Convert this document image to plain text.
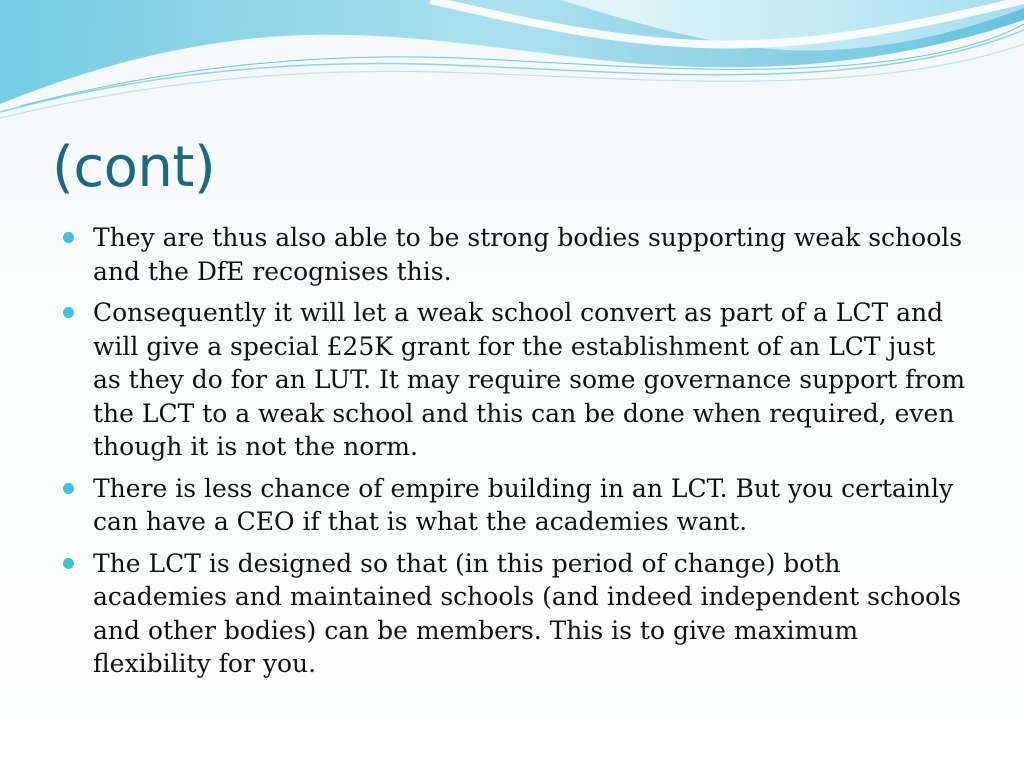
(cont)
They are thus also able to be strong bodies supporting weak schools and the DfE recognises this.
Consequently it will let a weak school convert as part of a LCT and will give a special £25K grant for the establishment of an LCT just as they do for an LUT. It may require some governance support from the LCT to a weak school and this can be done when required, even though it is not the norm.
There is less chance of empire building in an LCT. But you certainly can have a CEO if that is what the academies want.
The LCT is designed so that (in this period of change) both academies and maintained schools (and indeed independent schools and other bodies) can be members. This is to give maximum flexibility for you.
